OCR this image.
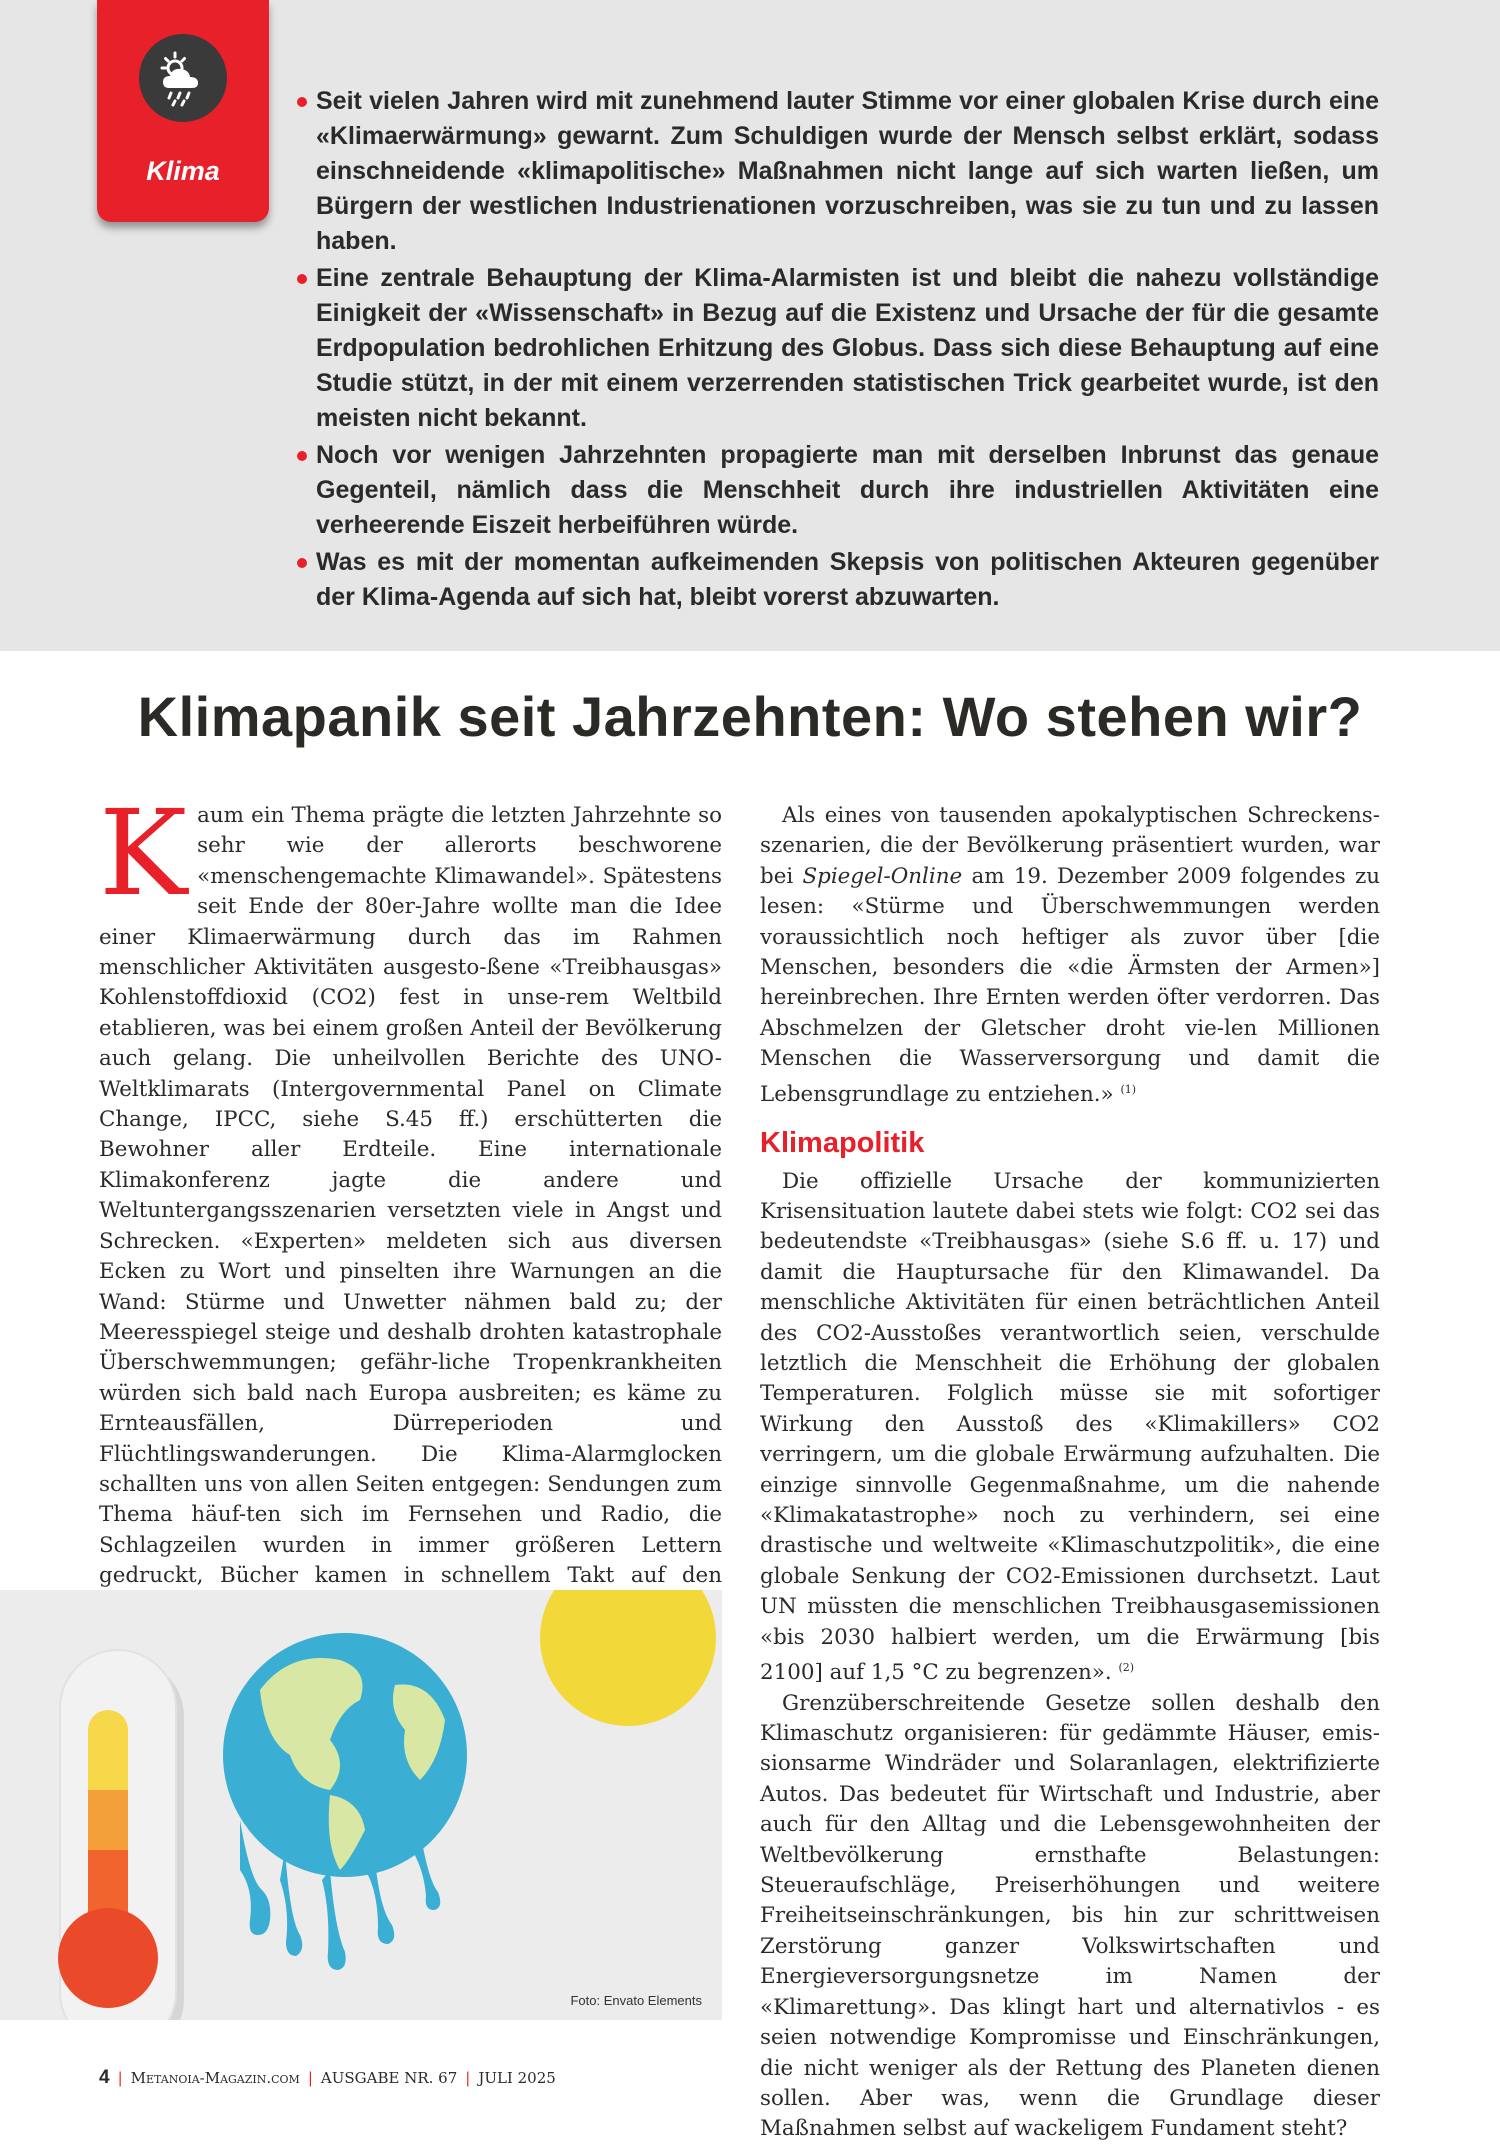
Klima
Seit vielen Jahren wird mit zunehmend lauter Stimme vor einer globalen Krise durch eine «Klimaerwärmung» gewarnt. Zum Schuldigen wurde der Mensch selbst erklärt, sodass einschneidende «klimapolitische» Maßnahmen nicht lange auf sich warten ließen, um Bürgern der westlichen Industrienationen vorzuschreiben, was sie zu tun und zu lassen haben.
Eine zentrale Behauptung der Klima-Alarmisten ist und bleibt die nahezu vollständige Einigkeit der «Wissenschaft» in Bezug auf die Existenz und Ursache der für die gesamte Erdpopulation bedrohlichen Erhitzung des Globus. Dass sich diese Behauptung auf eine Studie stützt, in der mit einem verzerrenden statistischen Trick gearbeitet wurde, ist den meisten nicht bekannt.
Noch vor wenigen Jahrzehnten propagierte man mit derselben Inbrunst das genaue Gegenteil, nämlich dass die Menschheit durch ihre industriellen Aktivitäten eine verheerende Eiszeit herbeiführen würde.
Was es mit der momentan aufkeimenden Skepsis von politischen Akteuren gegenüber der Klima-Agenda auf sich hat, bleibt vorerst abzuwarten.
Klimapanik seit Jahrzehnten: Wo stehen wir?

Kaum ein Thema prägte die letzten Jahrzehnte so sehr wie der allerorts beschworene «menschengemachte Klimawandel». Spätestens seit Ende der 80er-Jahre wollte man die Idee einer Klimaerwärmung durch das im Rahmen menschlicher Aktivitäten ausgesto-ßene «Treibhausgas» Kohlenstoffdioxid (CO2) fest in unse-rem Weltbild etablieren, was bei einem großen Anteil der Bevölkerung auch gelang. Die unheilvollen Berichte des UNO-Weltklimarats (Intergovernmental Panel on Climate Change, IPCC, siehe S.45 ff.) erschütterten die Bewohner aller Erdteile. Eine internationale Klimakonferenz jagte die andere und Weltuntergangsszenarien versetzten viele in Angst und Schrecken. «Experten» meldeten sich aus diversen Ecken zu Wort und pinselten ihre Warnungen an die Wand: Stürme und Unwetter nähmen bald zu; der Meeresspiegel steige und deshalb drohten katastrophale Überschwemmungen; gefähr-liche Tropenkrankheiten würden sich bald nach Europa ausbreiten; es käme zu Ernteausfällen, Dürreperioden und Flüchtlingswanderungen. Die Klima-Alarmglocken schallten uns von allen Seiten entgegen: Sendungen zum Thema häuf-ten sich im Fernsehen und Radio, die Schlagzeilen wurden in immer größeren Lettern gedruckt, Bücher kamen in schnellem Takt auf den

Foto: Envato Elements

Als eines von tausenden apokalyptischen Schreckens-szenarien, die der Bevölkerung präsentiert wurden, war bei Spiegel-Online am 19. Dezember 2009 folgendes zu lesen: «Stürme und Überschwemmungen werden voraussichtlich noch heftiger als zuvor über [die Menschen, besonders die «die Ärmsten der Armen»] hereinbrechen. Ihre Ernten werden öfter verdorren. Das Abschmelzen der Gletscher droht vie-len Millionen Menschen die Wasserversorgung und damit die Lebensgrundlage zu entziehen.» $^{(1)}$

Klimapolitik

Die offizielle Ursache der kommunizierten Krisensituation lautete dabei stets wie folgt: CO2 sei das bedeutendste «Treibhausgas» (siehe S.6 ff. u. 17) und damit die Hauptursache für den Klimawandel. Da menschliche Aktivitäten für einen beträchtlichen Anteil des CO2-Ausstoßes verantwortlich seien, verschulde letztlich die Menschheit die Erhöhung der globalen Temperaturen. Folglich müsse sie mit sofortiger Wirkung den Ausstoß des «Klimakillers» CO2 verringern, um die globale Erwärmung aufzuhalten. Die einzige sinnvolle Gegenmaßnahme, um die nahende «Klimakatastrophe» noch zu verhindern, sei eine drastische und weltweite «Klimaschutzpolitik», die eine globale Senkung der CO2-Emissionen durchsetzt. Laut UN müssten die menschlichen Treibhausgasemissionen «bis 2030 halbiert werden, um die Erwärmung [bis 2100] auf 1,5 °C zu begrenzen». $^{(2)}$

Grenzüberschreitende Gesetze sollen deshalb den Klimaschutz organisieren: für gedämmte Häuser, emis-sionsarme Windräder und Solaranlagen, elektrifizierte Autos. Das bedeutet für Wirtschaft und Industrie, aber auch für den Alltag und die Lebensgewohnheiten der Weltbevölkerung ernsthafte Belastungen: Steueraufschläge, Preiserhöhungen und weitere Freiheitseinschränkungen, bis hin zur schrittweisen Zerstörung ganzer Volkswirtschaften und Energieversorgungsnetze im Namen der «Klimarettung». Das klingt hart und alternativlos - es seien notwendige Kompromisse und Einschränkungen, die nicht weniger als der Rettung des Planeten dienen sollen. Aber was, wenn die Grundlage dieser Maßnahmen selbst auf wackeligem Fundament steht?

4 | Metanoia-Magazin.com | AUSGABE NR. 67 | JULI 2025
